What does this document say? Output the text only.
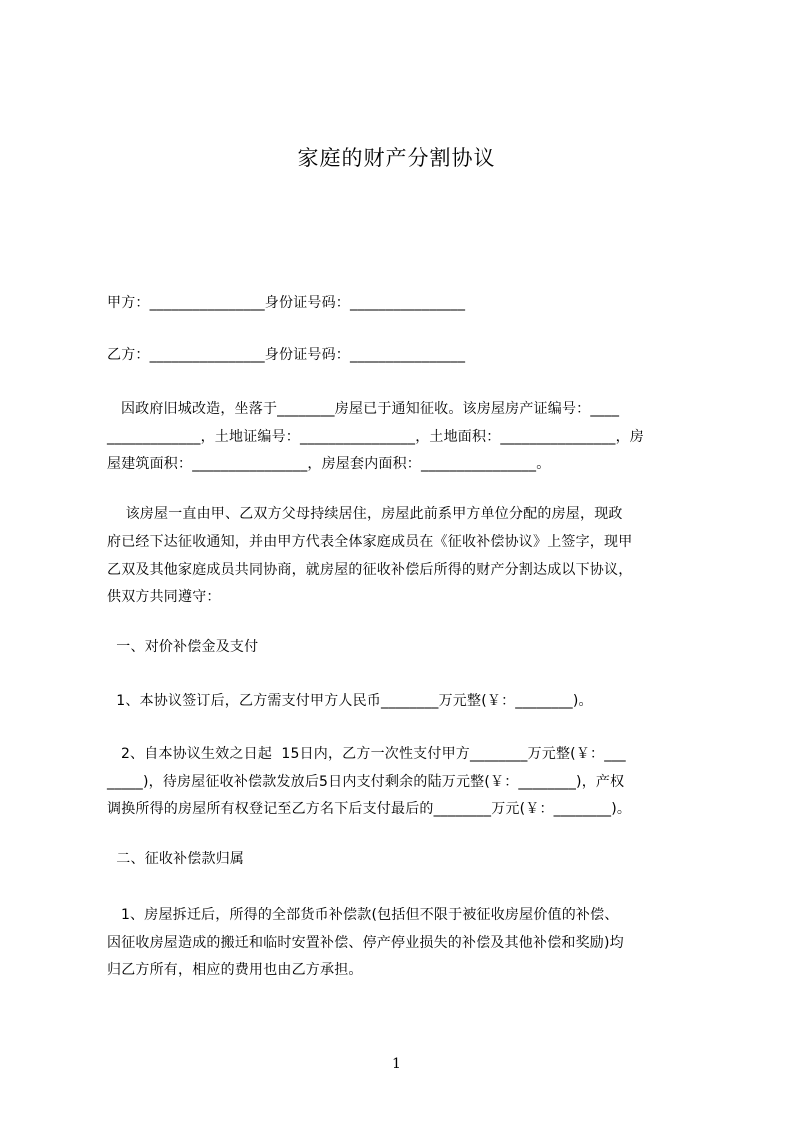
家庭的财产分割协议
甲方：________________身份证号码：________________
乙方：________________身份证号码：________________
因政府旧城改造，坐落于________房屋已于通知征收。该房屋房产证编号：____
_____________，土地证编号：________________，土地面积：________________，房
屋建筑面积：________________，房屋套内面积：________________。
该房屋一直由甲、乙双方父母持续居住，房屋此前系甲方单位分配的房屋，现政
府已经下达征收通知，并由甲方代表全体家庭成员在《征收补偿协议》上签字，现甲
乙双及其他家庭成员共同协商，就房屋的征收补偿后所得的财产分割达成以下协议，
供双方共同遵守：
一、对价补偿金及支付
1、本协议签订后，乙方需支付甲方人民币________万元整(￥：________)。
2、自本协议生效之日起  15日内，乙方一次性支付甲方________万元整(￥：___
_____)，待房屋征收补偿款发放后5日内支付剩余的陆万元整(￥：________)，产权
调换所得的房屋所有权登记至乙方名下后支付最后的________万元(￥：________)。
二、征收补偿款归属
1、房屋拆迁后，所得的全部货币补偿款(包括但不限于被征收房屋价值的补偿、
因征收房屋造成的搬迁和临时安置补偿、停产停业损失的补偿及其他补偿和奖励)均
归乙方所有，相应的费用也由乙方承担。
1
